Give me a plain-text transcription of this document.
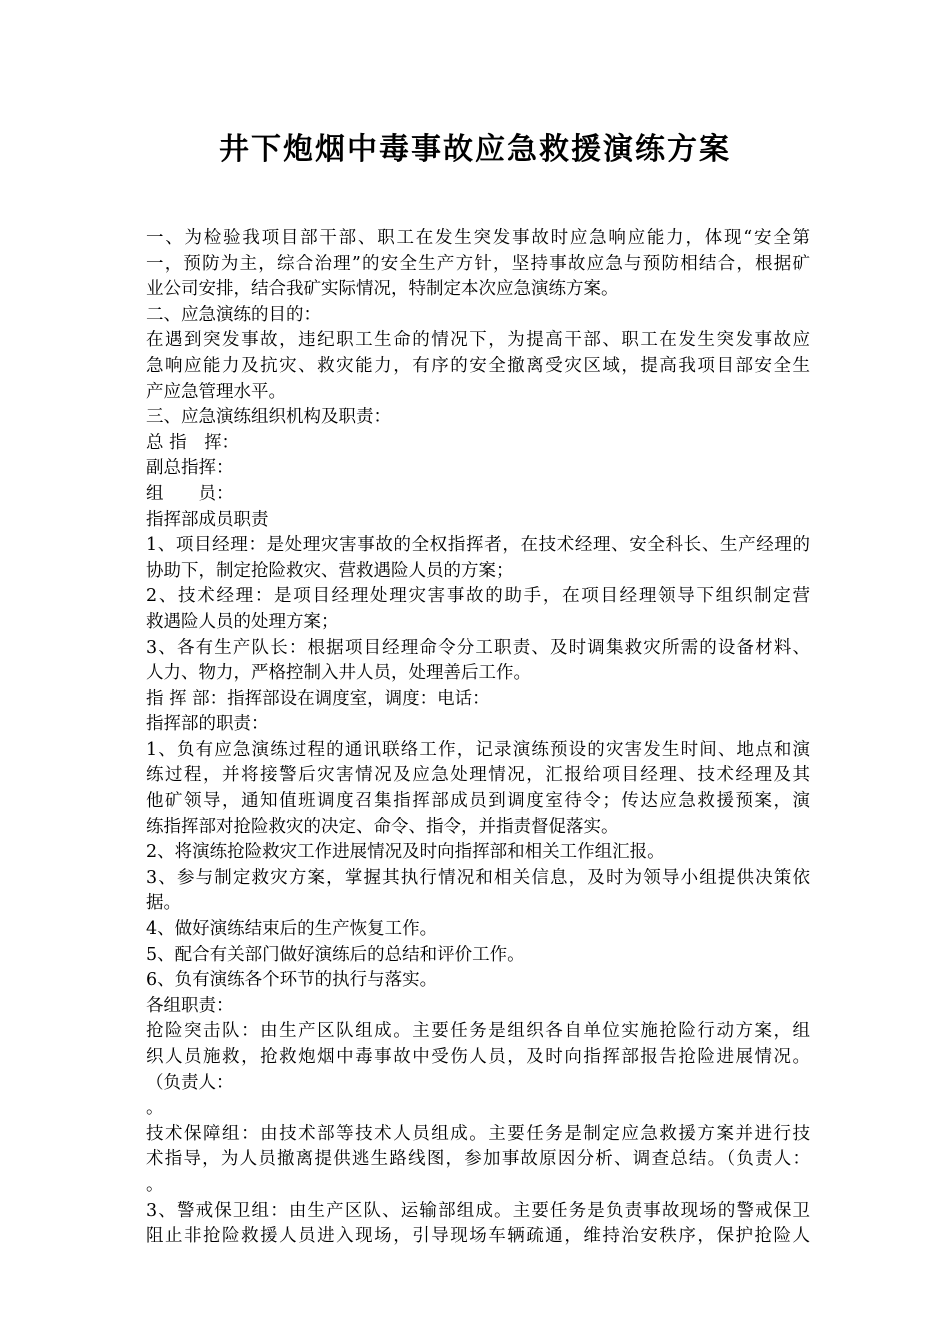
井下炮烟中毒事故应急救援演练方案
一、为检验我项目部干部、职工在发生突发事故时应急响应能力，体现“安全第
一，预防为主，综合治理”的安全生产方针，坚持事故应急与预防相结合，根据矿
业公司安排，结合我矿实际情况，特制定本次应急演练方案。
二、应急演练的目的：
在遇到突发事故，违纪职工生命的情况下，为提高干部、职工在发生突发事故应
急响应能力及抗灾、救灾能力，有序的安全撤离受灾区域，提高我项目部安全生
产应急管理水平。
三、应急演练组织机构及职责：
总 指　挥：
副总指挥：
组　　员：
指挥部成员职责
1、项目经理：是处理灾害事故的全权指挥者，在技术经理、安全科长、生产经理的
协助下，制定抢险救灾、营救遇险人员的方案；
2、技术经理：是项目经理处理灾害事故的助手，在项目经理领导下组织制定营
救遇险人员的处理方案；
3、各有生产队长：根据项目经理命令分工职责、及时调集救灾所需的设备材料、
人力、物力，严格控制入井人员，处理善后工作。
指 挥 部：指挥部设在调度室，调度：电话：
指挥部的职责：
1、负有应急演练过程的通讯联络工作，记录演练预设的灾害发生时间、地点和演
练过程，并将接警后灾害情况及应急处理情况，汇报给项目经理、技术经理及其
他矿领导，通知值班调度召集指挥部成员到调度室待令；传达应急救援预案，演
练指挥部对抢险救灾的决定、命令、指令，并指责督促落实。
2、将演练抢险救灾工作进展情况及时向指挥部和相关工作组汇报。
3、参与制定救灾方案，掌握其执行情况和相关信息，及时为领导小组提供决策依
据。
4、做好演练结束后的生产恢复工作。
5、配合有关部门做好演练后的总结和评价工作。
6、负有演练各个环节的执行与落实。
各组职责：
抢险突击队：由生产区队组成。主要任务是组织各自单位实施抢险行动方案，组
织人员施救，抢救炮烟中毒事故中受伤人员，及时向指挥部报告抢险进展情况。
（负责人：
。
技术保障组：由技术部等技术人员组成。主要任务是制定应急救援方案并进行技
术指导，为人员撤离提供逃生路线图，参加事故原因分析、调查总结。（负责人：
。
3、警戒保卫组：由生产区队、运输部组成。主要任务是负责事故现场的警戒保卫
阻止非抢险救援人员进入现场，引导现场车辆疏通，维持治安秩序，保护抢险人
